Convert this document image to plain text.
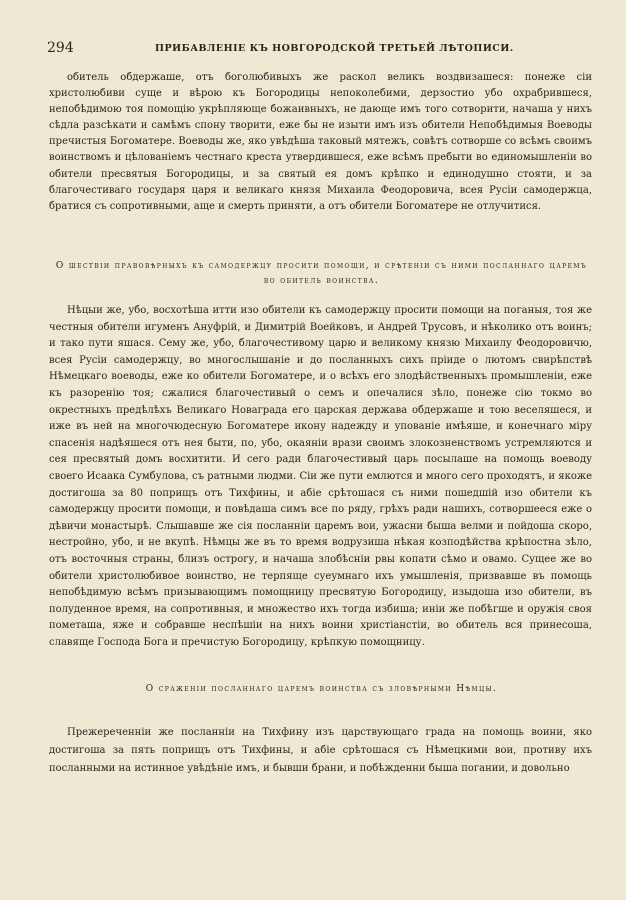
294	ПРИБАВЛЕНІЕ КЪ НОВГОРОДСКОЙ ТРЕТЬЕЙ ЛѢТОПИСИ.

обитель обдержаше, отъ боголюбивыхъ же раскол великъ воздвизашеся: понеже сіи христолюбиви суще и вѣрою къ Богородицы непоколебими, дерзостио убо охрабрившеся, непобѣдимою тоя помощію укрѣпляюще божаивныхъ, не дающе имъ того сотворити, начаша у нихъ сѣдла разсѣкати и самѣмъ спону творити, еже бы не изыти имъ изъ обители Непобѣдимыя Воеводы пречистыя Богоматере. Воеводы же, яко увѣдѣша таковый мятежъ, совѣтъ сотворше со всѣмъ своимъ воинствомъ и цѣлованіемъ честнаго креста утвердившеся, еже всѣмъ пребыти во единомышленіи во обители пресвятыя Богородицы, и за святый ея домъ крѣпко и единодушно стояти, и за благочестиваго государя царя и великаго князя Михаила Феодоровича, всея Русіи самодержца, братися съ сопротивными, аще и смерть приняти, а отъ обители Богоматере не отлучитися.

О шествіи правовѣрныхъ къ самодержцу просити помощи, и срѣтеніи съ ними посланнаго царемъ во обитель воинства.

Нѣцыи же, убо, восхотѣша итти изо обители къ самодержцу просити помощи на поганыя, тоя же честныя обители игуменъ Ануфрій, и Димитрій Воейковъ, и Андрей Трусовъ, и нѣколико отъ воинъ; и тако пути яшася. Сему же, убо, благочестивому царю и великому князю Михаилу Феодоровичю, всея Русіи самодержцу, во многослышаніе и до посланныхъ сихъ пріиде о лютомъ свирѣпствѣ Нѣмецкаго воеводы, еже ко обители Богоматере, и о всѣхъ его злодѣйственныхъ промышленіи, еже къ разоренію тоя; сжалися благочестивый о семъ и опечалися зѣло, понеже сію токмо во окрестныхъ предѣлѣхъ Великаго Новаграда его царская держава обдержаше и тою веселяшеся, и иже въ ней на многочюдесную Богоматере икону надежду и упованіе имѣяше, и конечнаго міру спасенія надѣяшеся отъ нея быти, по, убо, окаяніи врази своимъ злокозненствомъ устремляются и сея пресвятый домъ восхитити. И сего ради благочестивый царь посылаше на помощь воеводу своего Исаака Сумбулова, съ ратными людми. Сіи же пути емлются и много сего проходятъ, и якоже достигоша за 80 поприщъ отъ Тихфины, и абіе срѣтошася съ ними пошедшій изо обители къ самодержцу просити помощи, и повѣдаша симъ все по ряду, грѣхъ ради нашихъ, сотворшееся еже о дѣвичи монастырѣ. Слышавше же сія посланніи царемъ вои, ужасни быша велми и пойдоша скоро, нестройно, убо, и не вкупѣ. Нѣмцы же въ то время водрузиша нѣкая козподѣйства крѣпостна зѣло, отъ восточныя страны, близъ острогу, и начаша злобѣсніи рвы копати сѣмо и овамо. Сущее же во обители христолюбивое воинство, не терпяще суеумнаго ихъ умышленія, призвавше въ помощь непобѣдимую всѣмъ призывающимъ помощницу пресвятую Богородицу, изыдоша изо обители, въ полуденное время, на сопротивныя, и множество ихъ тогда избиша; иніи же побѣгше и оружія своя пометаша, яже и собравше неспѣшіи на нихъ воини христіанстіи, во обитель вся принесоша, славяще Господа Бога и пречистую Богородицу, крѣпкую помощницу.

О сраженіи посланнаго царемъ воинства съ зловѣрными Нѣмцы.

Прежереченніи же посланніи на Тихфину изъ царствующаго града на помощь воини, яко достигоша за пять поприщъ отъ Тихфины, и абіе срѣтошася съ Нѣмецкими вои, противу ихъ посланными на истинное увѣдѣніе имъ, и бывши брани, и побѣжденни быша погании, и довольно
